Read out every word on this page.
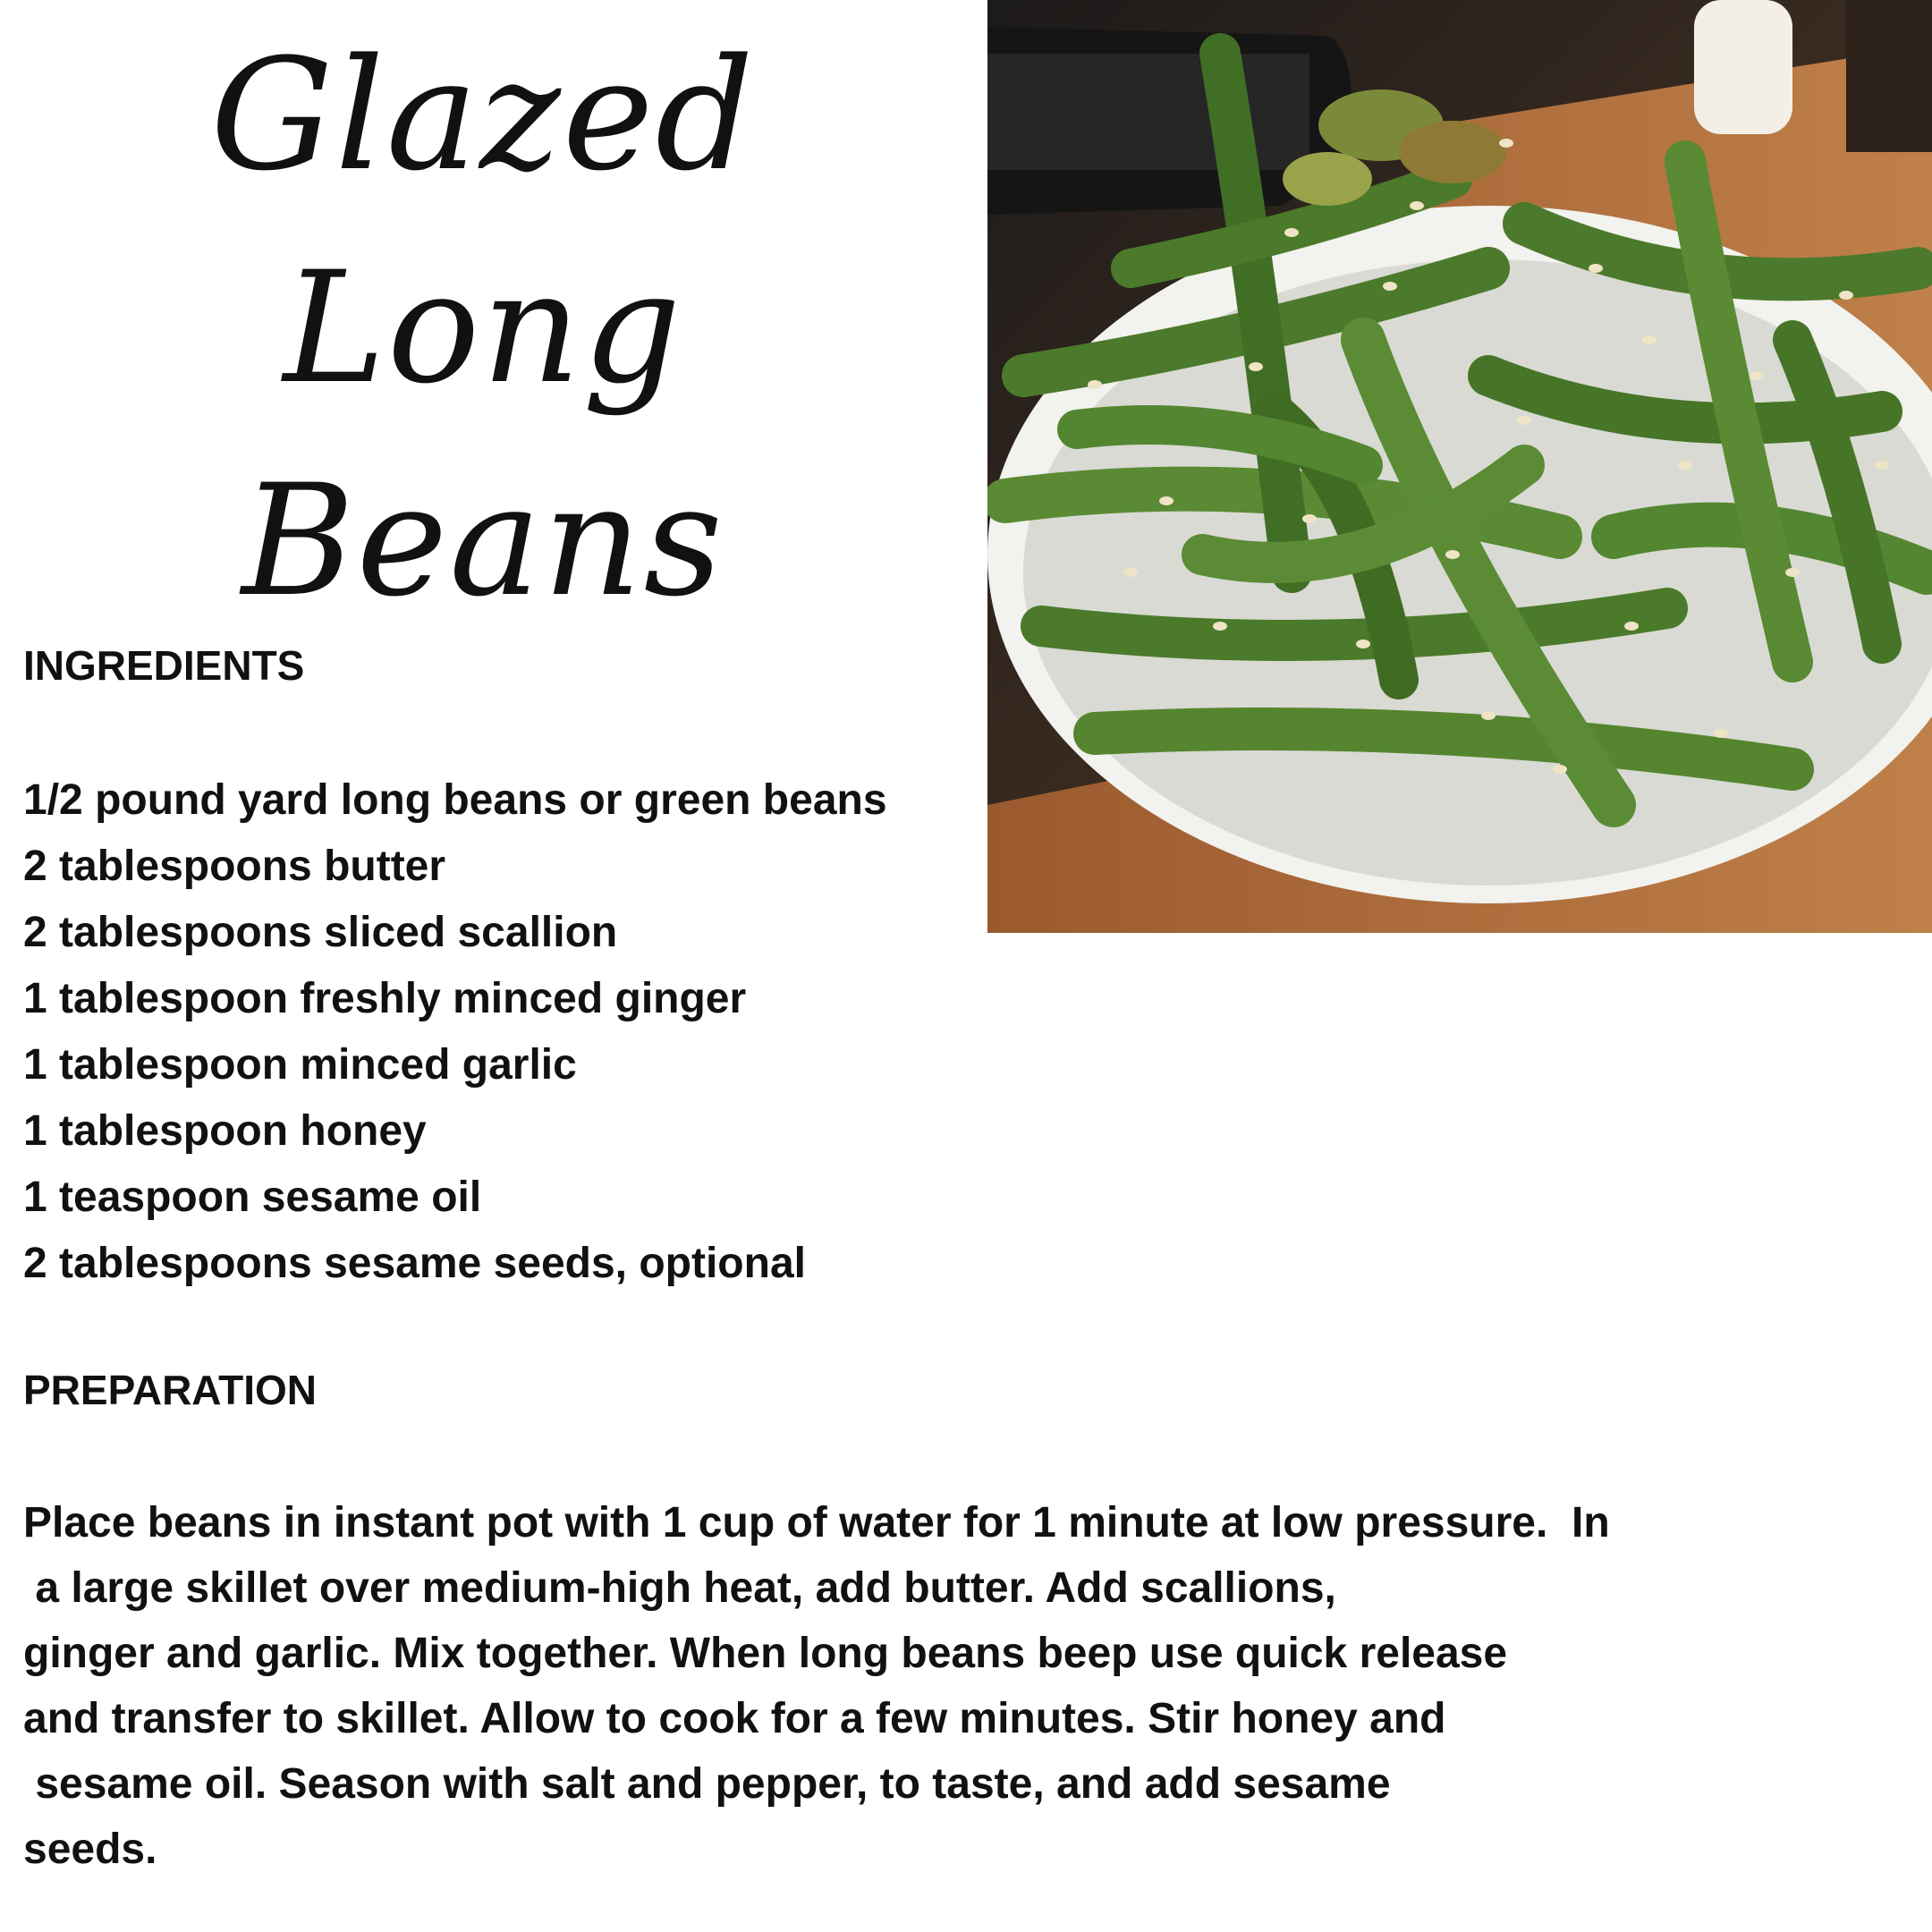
Glazed
Long
Beans
INGREDIENTS
1/2 pound yard long beans or green beans
2 tablespoons butter
2 tablespoons sliced scallion
1 tablespoon freshly minced ginger
1 tablespoon minced garlic
1 tablespoon honey
1 teaspoon sesame oil
2 tablespoons sesame seeds, optional
PREPARATION
Place beans in instant pot with 1 cup of water for 1 minute at low pressure.  In
a large skillet over medium-high heat, add butter. Add scallions,
ginger and garlic. Mix together. When long beans beep use quick release
and transfer to skillet. Allow to cook for a few minutes. Stir honey and
sesame oil. Season with salt and pepper, to taste, and add sesame
seeds.
